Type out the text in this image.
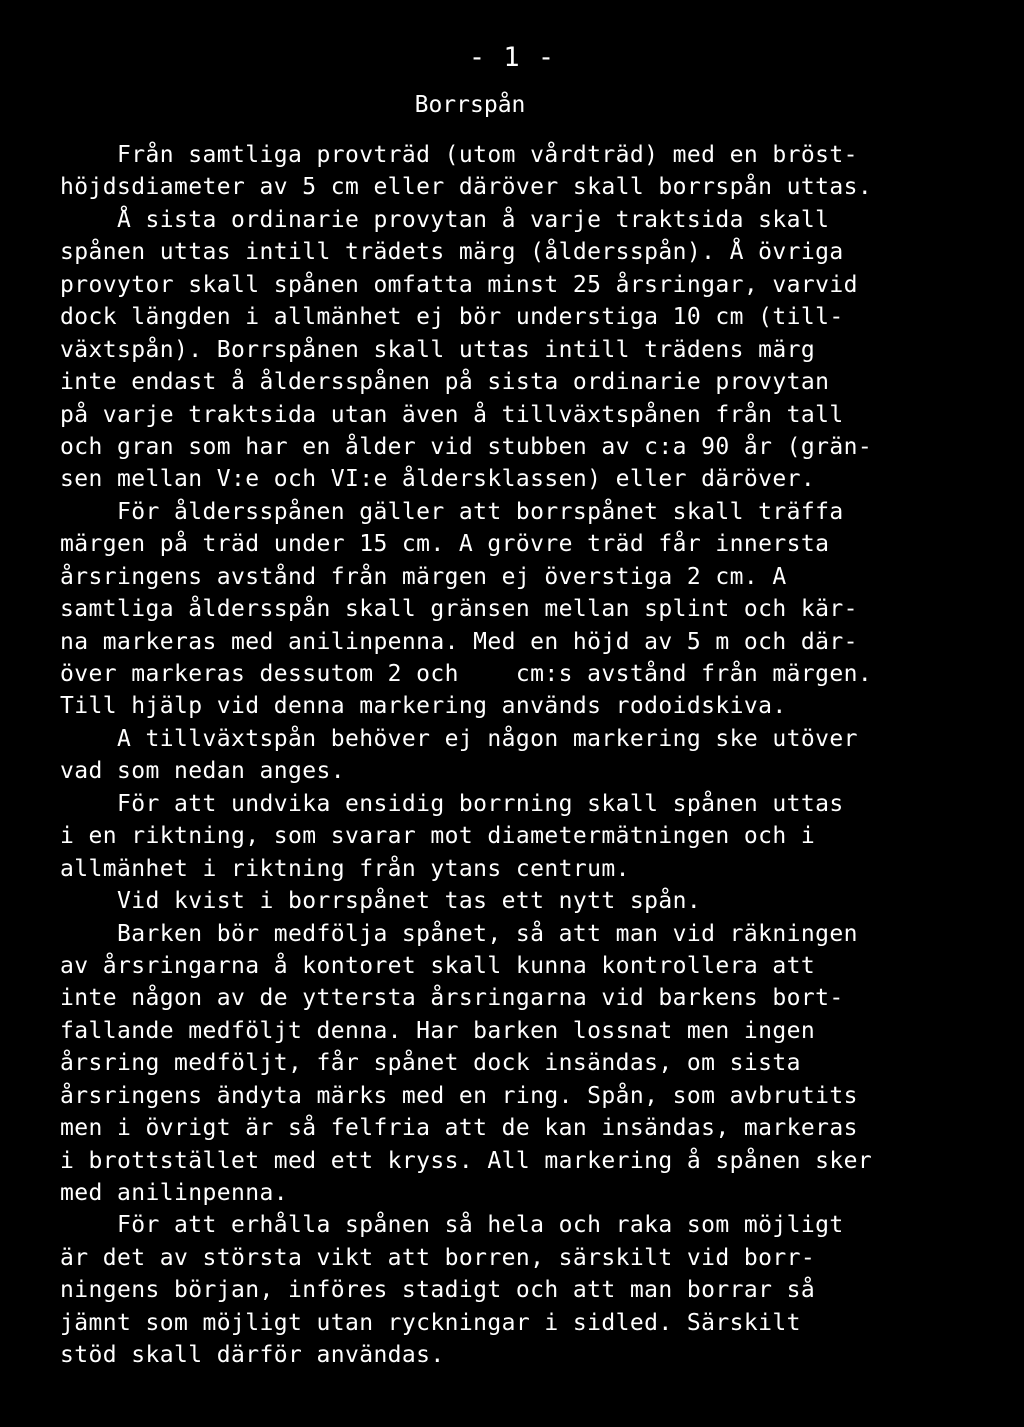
- 1 -
Borrspån
Från samtliga provträd (utom vårdträd) med en bröst-
höjdsdiameter av 5 cm eller däröver skall borrspån uttas.
Å sista ordinarie provytan å varje traktsida skall
spånen uttas intill trädets märg (åldersspån). Å övriga
provytor skall spånen omfatta minst 25 årsringar, varvid
dock längden i allmänhet ej bör understiga 10 cm (till-
växtspån). Borrspånen skall uttas intill trädens märg
inte endast å åldersspånen på sista ordinarie provytan
på varje traktsida utan även å tillväxtspånen från tall
och gran som har en ålder vid stubben av c:a 90 år (grän-
sen mellan V:e och VI:e åldersklassen) eller däröver.
För åldersspånen gäller att borrspånet skall träffa
märgen på träd under 15 cm. A grövre träd får innersta
årsringens avstånd från märgen ej överstiga 2 cm. A
samtliga åldersspån skall gränsen mellan splint och kär-
na markeras med anilinpenna. Med en höjd av 5 m och där-
över markeras dessutom 2 och    cm:s avstånd från märgen.
Till hjälp vid denna markering används rodoidskiva.
A tillväxtspån behöver ej någon markering ske utöver
vad som nedan anges.
För att undvika ensidig borrning skall spånen uttas
i en riktning, som svarar mot diametermätningen och i
allmänhet i riktning från ytans centrum.
Vid kvist i borrspånet tas ett nytt spån.
Barken bör medfölja spånet, så att man vid räkningen
av årsringarna å kontoret skall kunna kontrollera att
inte någon av de yttersta årsringarna vid barkens bort-
fallande medföljt denna. Har barken lossnat men ingen
årsring medföljt, får spånet dock insändas, om sista
årsringens ändyta märks med en ring. Spån, som avbrutits
men i övrigt är så felfria att de kan insändas, markeras
i brottstället med ett kryss. All markering å spånen sker
med anilinpenna.
För att erhålla spånen så hela och raka som möjligt
är det av största vikt att borren, särskilt vid borr-
ningens början, införes stadigt och att man borrar så
jämnt som möjligt utan ryckningar i sidled. Särskilt
stöd skall därför användas.
